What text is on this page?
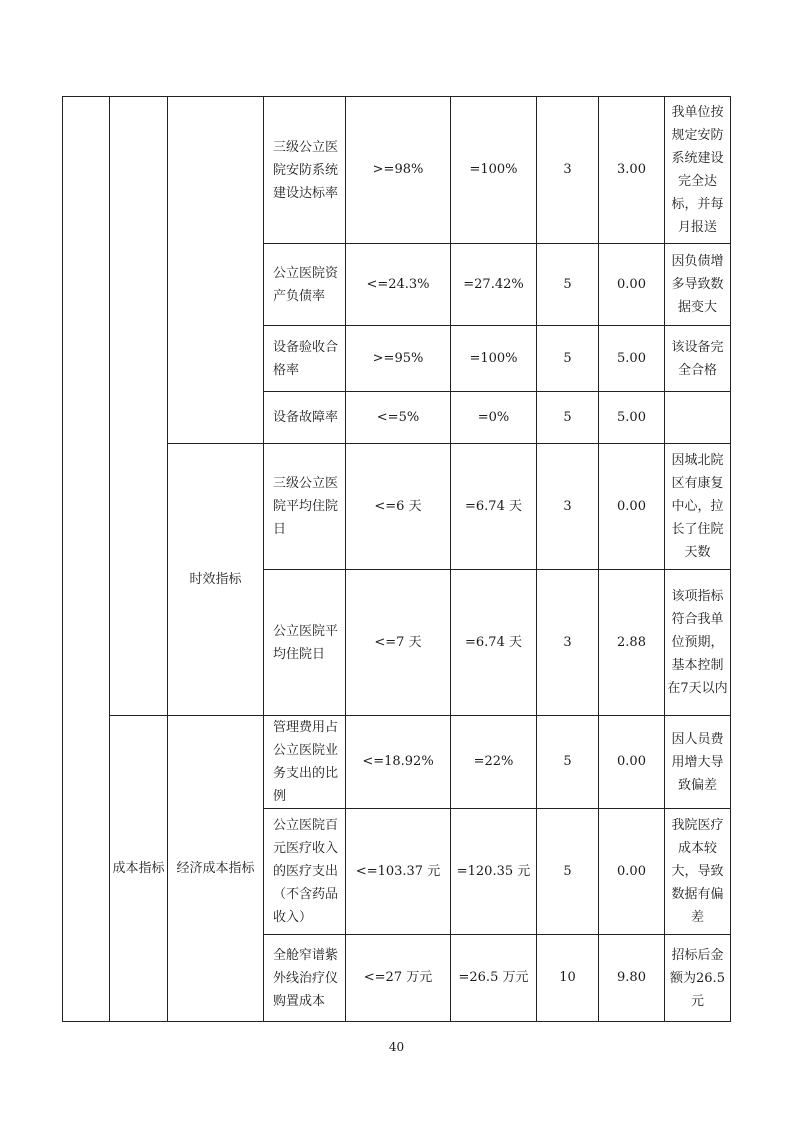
			三级公立医院安防系统建设达标率	>=98%	=100%	3	3.00	我单位按规定安防系统建设完全达标，并每月报送
			公立医院资产负债率	<=24.3%	=27.42%	5	0.00	因负债增多导致数据变大
			设备验收合格率	>=95%	=100%	5	5.00	该设备完全合格
			设备故障率	<=5%	=0%	5	5.00	
		时效指标	三级公立医院平均住院日	<=6 天	=6.74 天	3	0.00	因城北院区有康复中心，拉长了住院天数
			公立医院平均住院日	<=7 天	=6.74 天	3	2.88	该项指标符合我单位预期，基本控制在7天以内
	成本指标	经济成本指标	管理费用占公立医院业务支出的比例	<=18.92%	=22%	5	0.00	因人员费用增大导致偏差
			公立医院百元医疗收入的医疗支出（不含药品收入）	<=103.37 元	=120.35 元	5	0.00	我院医疗成本较大，导致数据有偏差
			全舱窄谱紫外线治疗仪购置成本	<=27 万元	=26.5 万元	10	9.80	招标后金额为26.5元
40
